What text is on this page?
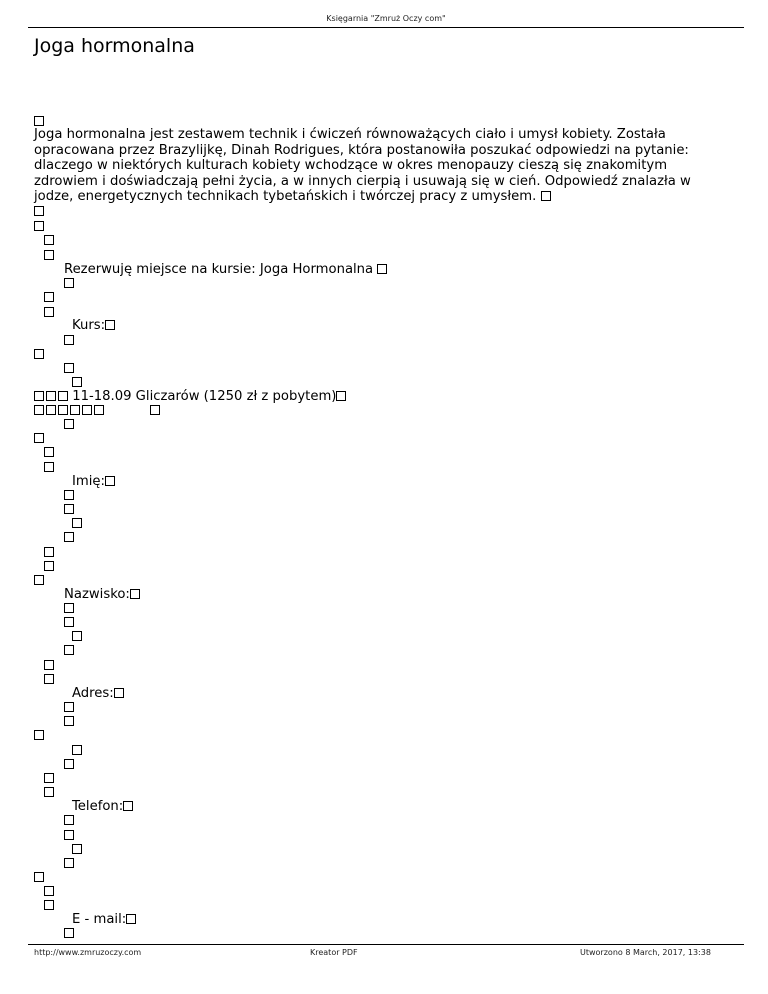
Księgarnia "Zmruż Oczy com"
Joga hormonalna

Joga hormonalna jest zestawem technik i ćwiczeń równoważących ciało i umysł kobiety. Została opracowana przez Brazylijkę, Dinah Rodrigues, która postanowiła poszukać odpowiedzi na pytanie: dlaczego w niektórych kulturach kobiety wchodzące w okres menopauzy cieszą się znakomitym zdrowiem i doświadczają pełni życia, a w innych cierpią i usuwają się w cień. Odpowiedź znalazła w jodze, energetycznych technikach tybetańskich i twórczej pracy z umysłem.

Rezerwuję miejsce na kursie: Joga Hormonalna
Kurs:
11-18.09 Gliczarów (1250 zł z pobytem)
Imię:
Nazwisko:
Adres:
Telefon:
E - mail:
http://www.zmruzoczy.com	Kreator PDF	Utworzono 8 March, 2017, 13:38
